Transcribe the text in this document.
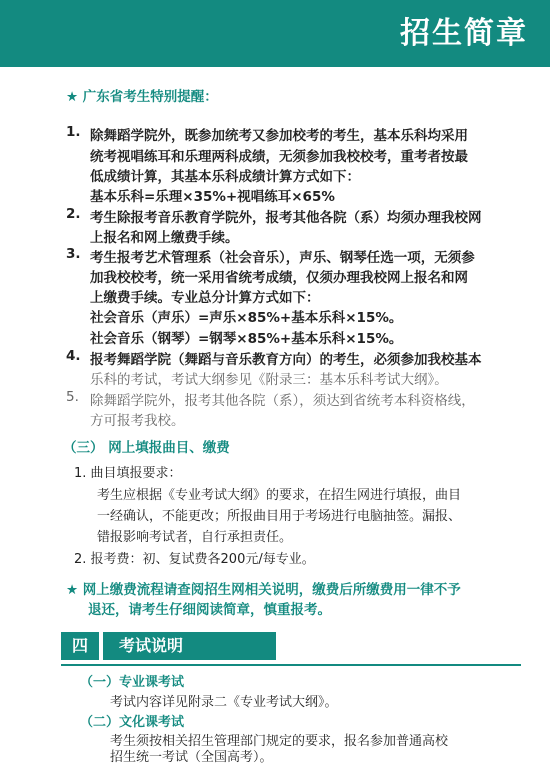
招生简章
★ 广东省考生特别提醒：
1. 除舞蹈学院外，既参加统考又参加校考的考生，基本乐科均采用
统考视唱练耳和乐理两科成绩，无须参加我校校考，重考者按最
低成绩计算，其基本乐科成绩计算方式如下：
基本乐科=乐理×35%+视唱练耳×65%
2. 考生除报考音乐教育学院外，报考其他各院（系）均须办理我校网
上报名和网上缴费手续。
3. 考生报考艺术管理系（社会音乐），声乐、钢琴任选一项，无须参
加我校校考，统一采用省统考成绩，仅须办理我校网上报名和网
上缴费手续。专业总分计算方式如下：
社会音乐（声乐）=声乐×85%+基本乐科×15%。
社会音乐（钢琴）=钢琴×85%+基本乐科×15%。
4. 报考舞蹈学院（舞蹈与音乐教育方向）的考生，必须参加我校基本
乐科的考试，考试大纲参见《附录三：基本乐科考试大纲》。
5. 除舞蹈学院外，报考其他各院（系），须达到省统考本科资格线，
方可报考我校。
（三） 网上填报曲目、缴费
1. 曲目填报要求：
考生应根据《专业考试大纲》的要求，在招生网进行填报，曲目
一经确认，不能更改；所报曲目用于考场进行电脑抽签。漏报、
错报影响考试者，自行承担责任。
2. 报考费：初、复试费各200元/每专业。
★ 网上缴费流程请查阅招生网相关说明，缴费后所缴费用一律不予
退还，请考生仔细阅读简章，慎重报考。
四	考试说明
（一）专业课考试
考试内容详见附录二《专业考试大纲》。
（二）文化课考试
考生须按相关招生管理部门规定的要求，报名参加普通高校
招生统一考试（全国高考）。
